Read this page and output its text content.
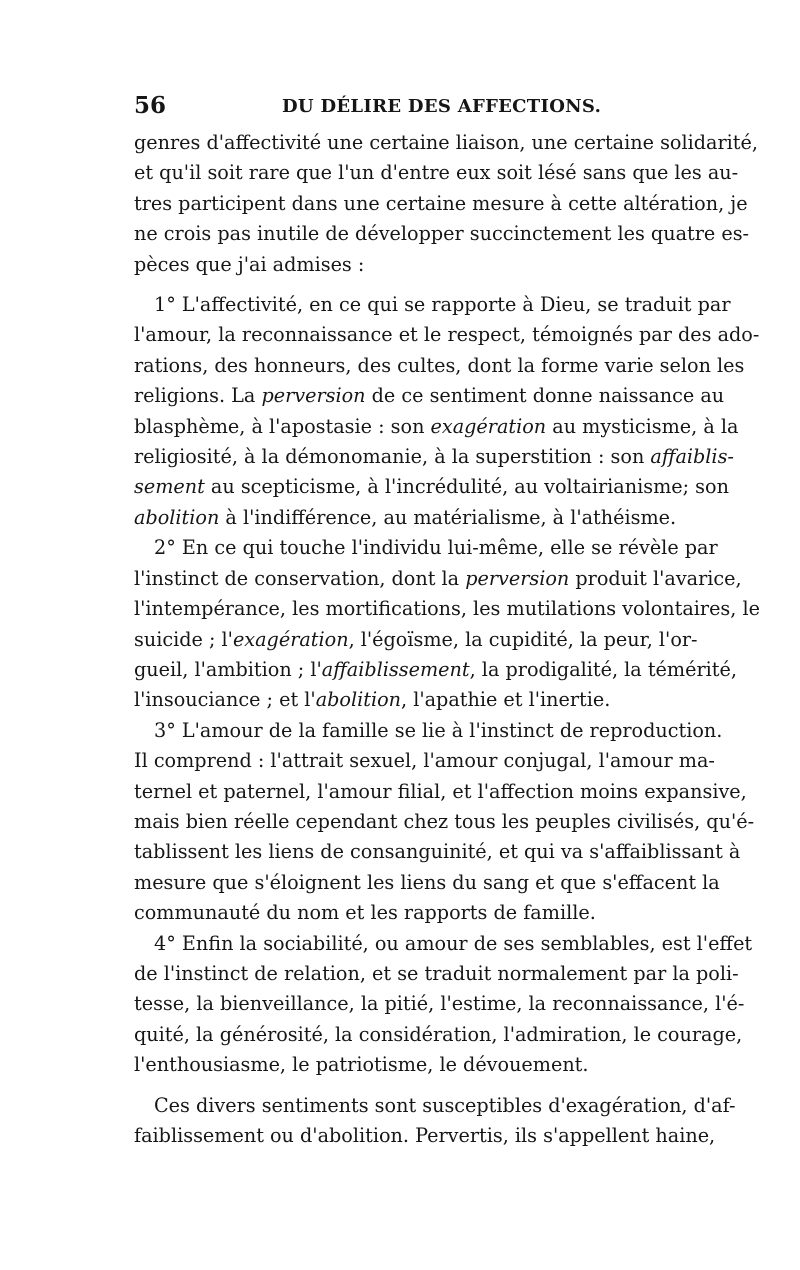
56	DU DÉLIRE DES AFFECTIONS.

genres d'affectivité une certaine liaison, une certaine solidarité,
et qu'il soit rare que l'un d'entre eux soit lésé sans que les au-
tres participent dans une certaine mesure à cette altération, je
ne crois pas inutile de développer succinctement les quatre es-
pèces que j'ai admises :

1° L'affectivité, en ce qui se rapporte à Dieu, se traduit par
l'amour, la reconnaissance et le respect, témoignés par des ado-
rations, des honneurs, des cultes, dont la forme varie selon les
religions. La perversion de ce sentiment donne naissance au
blasphème, à l'apostasie : son exagération au mysticisme, à la
religiosité, à la démonomanie, à la superstition : son affaiblis-
sement au scepticisme, à l'incrédulité, au voltairianisme; son
abolition à l'indifférence, au matérialisme, à l'athéisme.

2° En ce qui touche l'individu lui-même, elle se révèle par
l'instinct de conservation, dont la perversion produit l'avarice,
l'intempérance, les mortifications, les mutilations volontaires, le
suicide ; l'exagération, l'égoïsme, la cupidité, la peur, l'or-
gueil, l'ambition ; l'affaiblissement, la prodigalité, la témérité,
l'insouciance ; et l'abolition, l'apathie et l'inertie.

3° L'amour de la famille se lie à l'instinct de reproduction.
Il comprend : l'attrait sexuel, l'amour conjugal, l'amour ma-
ternel et paternel, l'amour filial, et l'affection moins expansive,
mais bien réelle cependant chez tous les peuples civilisés, qu'é-
tablissent les liens de consanguinité, et qui va s'affaiblissant à
mesure que s'éloignent les liens du sang et que s'effacent la
communauté du nom et les rapports de famille.

4° Enfin la sociabilité, ou amour de ses semblables, est l'effet
de l'instinct de relation, et se traduit normalement par la poli-
tesse, la bienveillance, la pitié, l'estime, la reconnaissance, l'é-
quité, la générosité, la considération, l'admiration, le courage,
l'enthousiasme, le patriotisme, le dévouement.

Ces divers sentiments sont susceptibles d'exagération, d'af-
faiblissement ou d'abolition. Pervertis, ils s'appellent haine,
